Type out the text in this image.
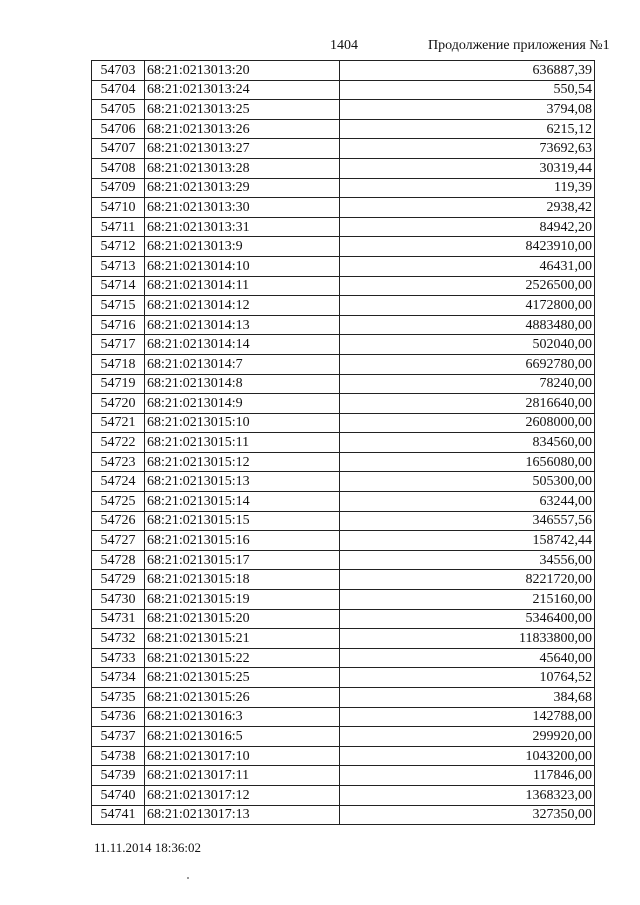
1404	Продолжение приложения №1
54703	68:21:0213013:20	636887,39
54704	68:21:0213013:24	550,54
54705	68:21:0213013:25	3794,08
54706	68:21:0213013:26	6215,12
54707	68:21:0213013:27	73692,63
54708	68:21:0213013:28	30319,44
54709	68:21:0213013:29	119,39
54710	68:21:0213013:30	2938,42
54711	68:21:0213013:31	84942,20
54712	68:21:0213013:9	8423910,00
54713	68:21:0213014:10	46431,00
54714	68:21:0213014:11	2526500,00
54715	68:21:0213014:12	4172800,00
54716	68:21:0213014:13	4883480,00
54717	68:21:0213014:14	502040,00
54718	68:21:0213014:7	6692780,00
54719	68:21:0213014:8	78240,00
54720	68:21:0213014:9	2816640,00
54721	68:21:0213015:10	2608000,00
54722	68:21:0213015:11	834560,00
54723	68:21:0213015:12	1656080,00
54724	68:21:0213015:13	505300,00
54725	68:21:0213015:14	63244,00
54726	68:21:0213015:15	346557,56
54727	68:21:0213015:16	158742,44
54728	68:21:0213015:17	34556,00
54729	68:21:0213015:18	8221720,00
54730	68:21:0213015:19	215160,00
54731	68:21:0213015:20	5346400,00
54732	68:21:0213015:21	11833800,00
54733	68:21:0213015:22	45640,00
54734	68:21:0213015:25	10764,52
54735	68:21:0213015:26	384,68
54736	68:21:0213016:3	142788,00
54737	68:21:0213016:5	299920,00
54738	68:21:0213017:10	1043200,00
54739	68:21:0213017:11	117846,00
54740	68:21:0213017:12	1368323,00
54741	68:21:0213017:13	327350,00
11.11.2014 18:36:02
